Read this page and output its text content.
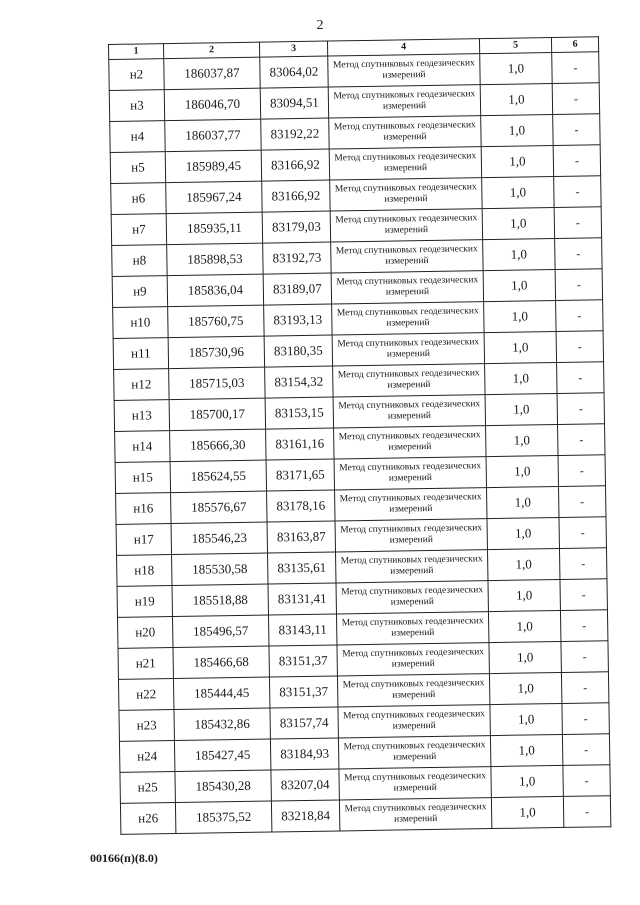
2
1	2	3	4	5	6
н2	186037,87	83064,02	Метод спутниковых геодезических измерений	1,0	-
н3	186046,70	83094,51	Метод спутниковых геодезических измерений	1,0	-
н4	186037,77	83192,22	Метод спутниковых геодезических измерений	1,0	-
н5	185989,45	83166,92	Метод спутниковых геодезических измерений	1,0	-
н6	185967,24	83166,92	Метод спутниковых геодезических измерений	1,0	-
н7	185935,11	83179,03	Метод спутниковых геодезических измерений	1,0	-
н8	185898,53	83192,73	Метод спутниковых геодезических измерений	1,0	-
н9	185836,04	83189,07	Метод спутниковых геодезических измерений	1,0	-
н10	185760,75	83193,13	Метод спутниковых геодезических измерений	1,0	-
н11	185730,96	83180,35	Метод спутниковых геодезических измерений	1,0	-
н12	185715,03	83154,32	Метод спутниковых геодезических измерений	1,0	-
н13	185700,17	83153,15	Метод спутниковых геодезических измерений	1,0	-
н14	185666,30	83161,16	Метод спутниковых геодезических измерений	1,0	-
н15	185624,55	83171,65	Метод спутниковых геодезических измерений	1,0	-
н16	185576,67	83178,16	Метод спутниковых геодезических измерений	1,0	-
н17	185546,23	83163,87	Метод спутниковых геодезических измерений	1,0	-
н18	185530,58	83135,61	Метод спутниковых геодезических измерений	1,0	-
н19	185518,88	83131,41	Метод спутниковых геодезических измерений	1,0	-
н20	185496,57	83143,11	Метод спутниковых геодезических измерений	1,0	-
н21	185466,68	83151,37	Метод спутниковых геодезических измерений	1,0	-
н22	185444,45	83151,37	Метод спутниковых геодезических измерений	1,0	-
н23	185432,86	83157,74	Метод спутниковых геодезических измерений	1,0	-
н24	185427,45	83184,93	Метод спутниковых геодезических измерений	1,0	-
н25	185430,28	83207,04	Метод спутниковых геодезических измерений	1,0	-
н26	185375,52	83218,84	Метод спутниковых геодезических измерений	1,0	-
00166(п)(8.0)
